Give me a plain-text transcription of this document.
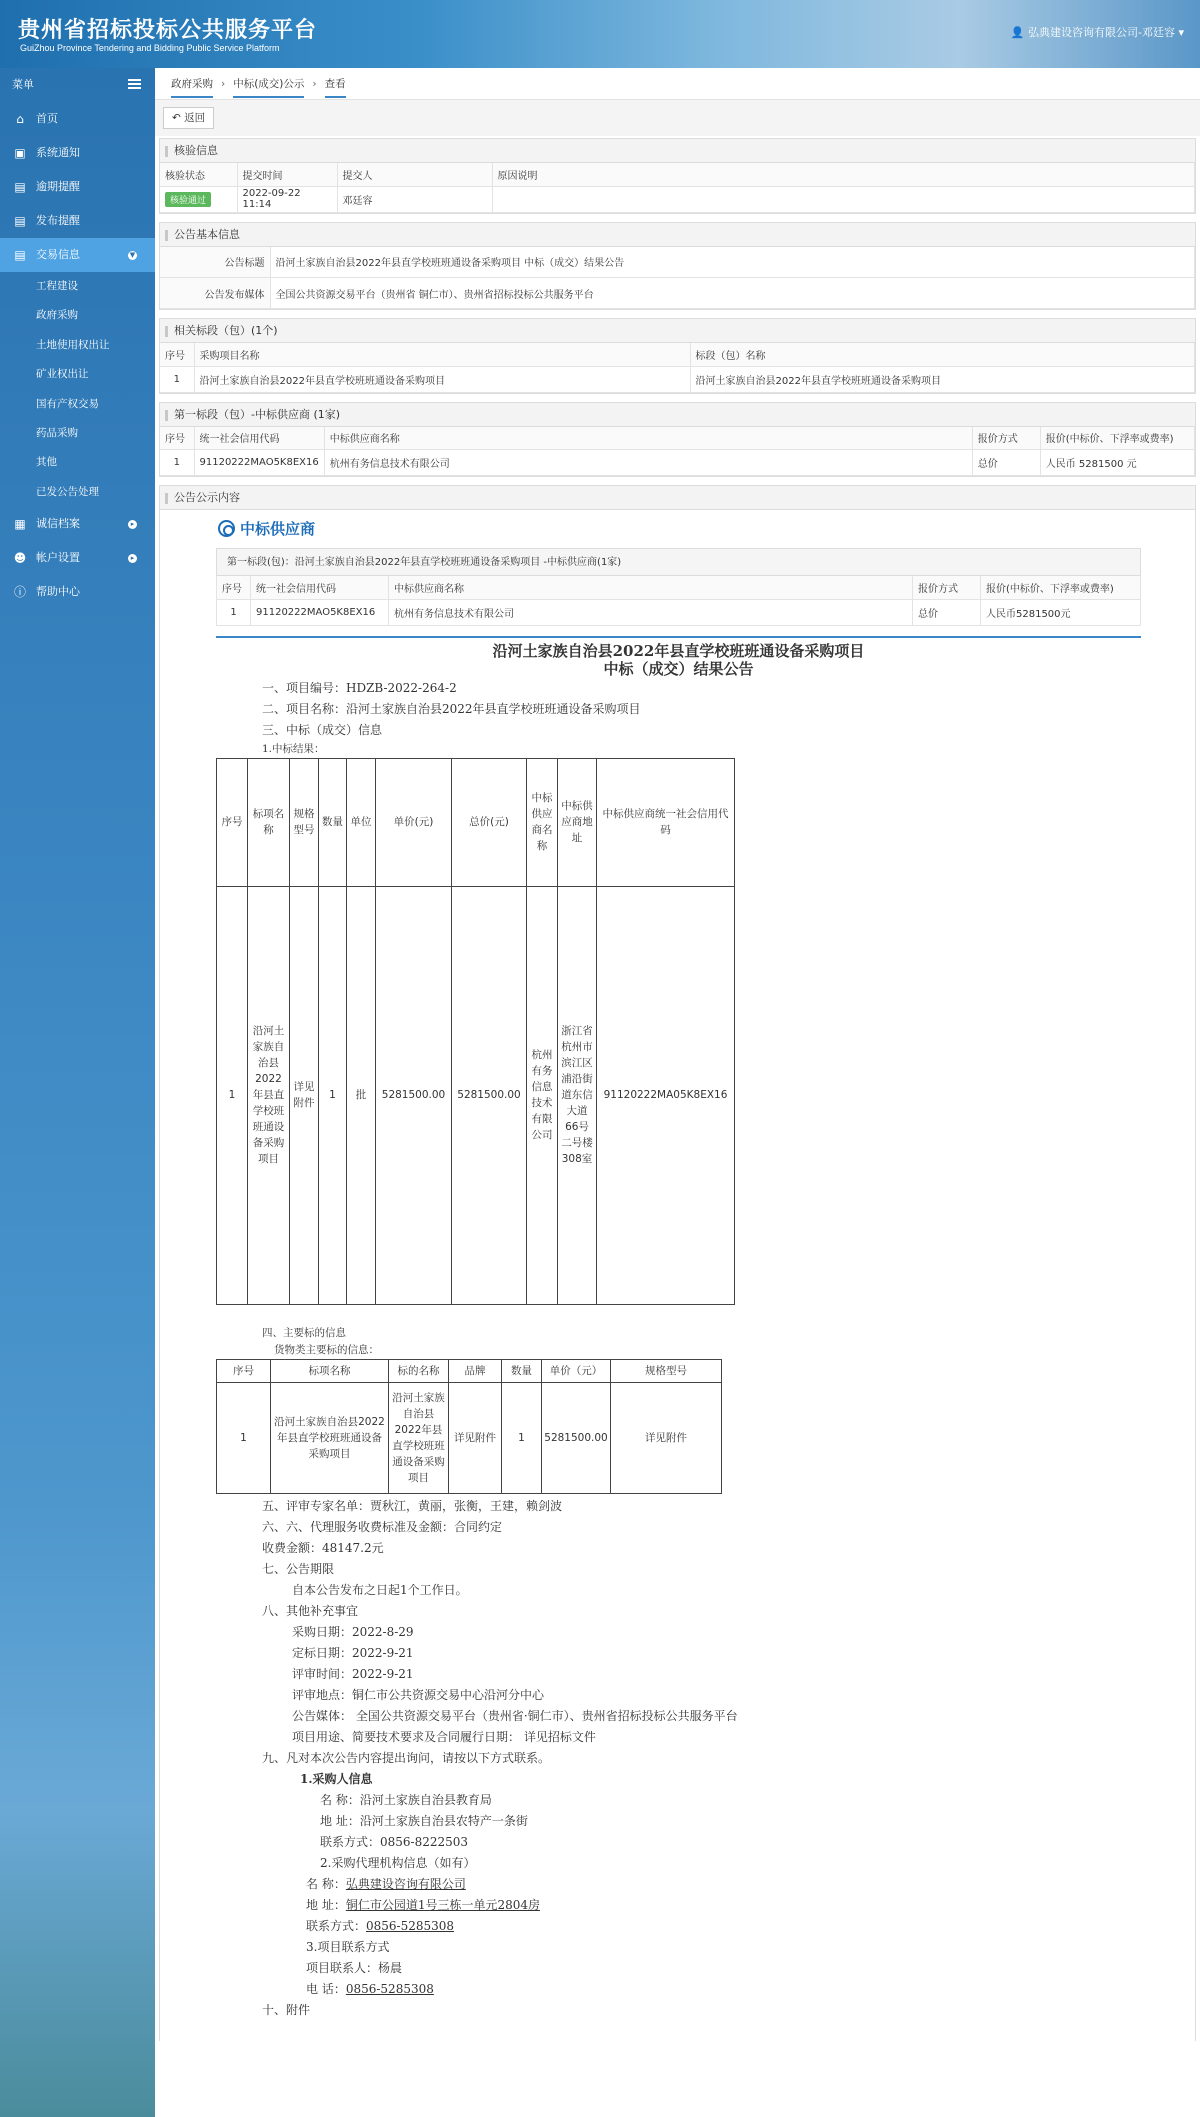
贵州省招标投标公共服务平台
GuiZhou Province Tendering and Bidding Public Service Platform
👤 弘典建设咨询有限公司-邓廷容 ▾
菜单
⌂	首页
▣ 系统通知
▤ 逾期提醒
▤ 发布提醒
▤ 交易信息	▼
工程建设
政府采购
土地使用权出让
矿业权出让
国有产权交易
药品采购
其他
已发公告处理
▦ 诚信档案	▸
☻ 帐户设置	▸
ⓘ 帮助中心
政府采购 › 中标(成交)公示 › 查看
↶ 返回
核验信息
核验状态	提交时间	提交人	原因说明
核验通过	2022-09-22 11:14	邓廷容	
公告基本信息
公告标题	沿河土家族自治县2022年县直学校班班通设备采购项目 中标（成交）结果公告
公告发布媒体	全国公共资源交易平台（贵州省 铜仁市）、贵州省招标投标公共服务平台
相关标段（包）(1个)
序号	采购项目名称	标段（包）名称
1	沿河土家族自治县2022年县直学校班班通设备采购项目	沿河土家族自治县2022年县直学校班班通设备采购项目
第一标段（包）-中标供应商 (1家)
序号	统一社会信用代码	中标供应商名称	报价方式	报价(中标价、下浮率或费率)
1	91120222MAO5K8EX16	杭州有务信息技术有限公司	总价	人民币 5281500 元
公告公示内容
中标供应商
第一标段(包)：沿河土家族自治县2022年县直学校班班通设备采购项目 -中标供应商(1家)
序号	统一社会信用代码	中标供应商名称	报价方式	报价(中标价、下浮率或费率)
1	91120222MAO5K8EX16	杭州有务信息技术有限公司	总价	人民币5281500元
沿河土家族自治县2022年县直学校班班通设备采购项目
中标（成交）结果公告
一、项目编号：HDZB-2022-264-2
二、项目名称：沿河土家族自治县2022年县直学校班班通设备采购项目
三、中标（成交）信息
1.中标结果：
序号	标项名称	规格型号	数量	单位	单价(元)	总价(元)	中标供应商名称	中标供应商地址	中标供应商统一社会信用代码
1	沿河土家族自治县2022年县直学校班班通设备采购项目	详见附件	1	批	5281500.00	5281500.00	杭州有务信息技术有限公司	浙江省杭州市滨江区浦沿街道东信大道66号二号楼308室	91120222MA05K8EX16
四、主要标的信息
货物类主要标的信息：
序号	标项名称	标的名称	品牌	数量	单价（元）	规格型号
1	沿河土家族自治县2022年县直学校班班通设备采购项目	沿河土家族自治县2022年县直学校班班通设备采购项目	详见附件	1	5281500.00	详见附件
五、评审专家名单：贾秋江，黄丽，张衡，王建，赖剑波
六、六、代理服务收费标准及金额：合同约定
收费金额：48147.2元
七、公告期限
自本公告发布之日起1个工作日。
八、其他补充事宜
采购日期：2022-8-29
定标日期：2022-9-21
评审时间：2022-9-21
评审地点：铜仁市公共资源交易中心沿河分中心
公告媒体： 全国公共资源交易平台（贵州省·铜仁市）、贵州省招标投标公共服务平台
项目用途、简要技术要求及合同履行日期： 详见招标文件
九、凡对本次公告内容提出询问，请按以下方式联系。
1.采购人信息
名 称：沿河土家族自治县教育局
地 址：沿河土家族自治县农特产一条街
联系方式：0856-8222503
2.采购代理机构信息（如有）
名 称：弘典建设咨询有限公司
地 址：铜仁市公园道1号三栋一单元2804房
联系方式：0856-5285308
3.项目联系方式
项目联系人：杨晨
电 话：0856-5285308
十、附件
